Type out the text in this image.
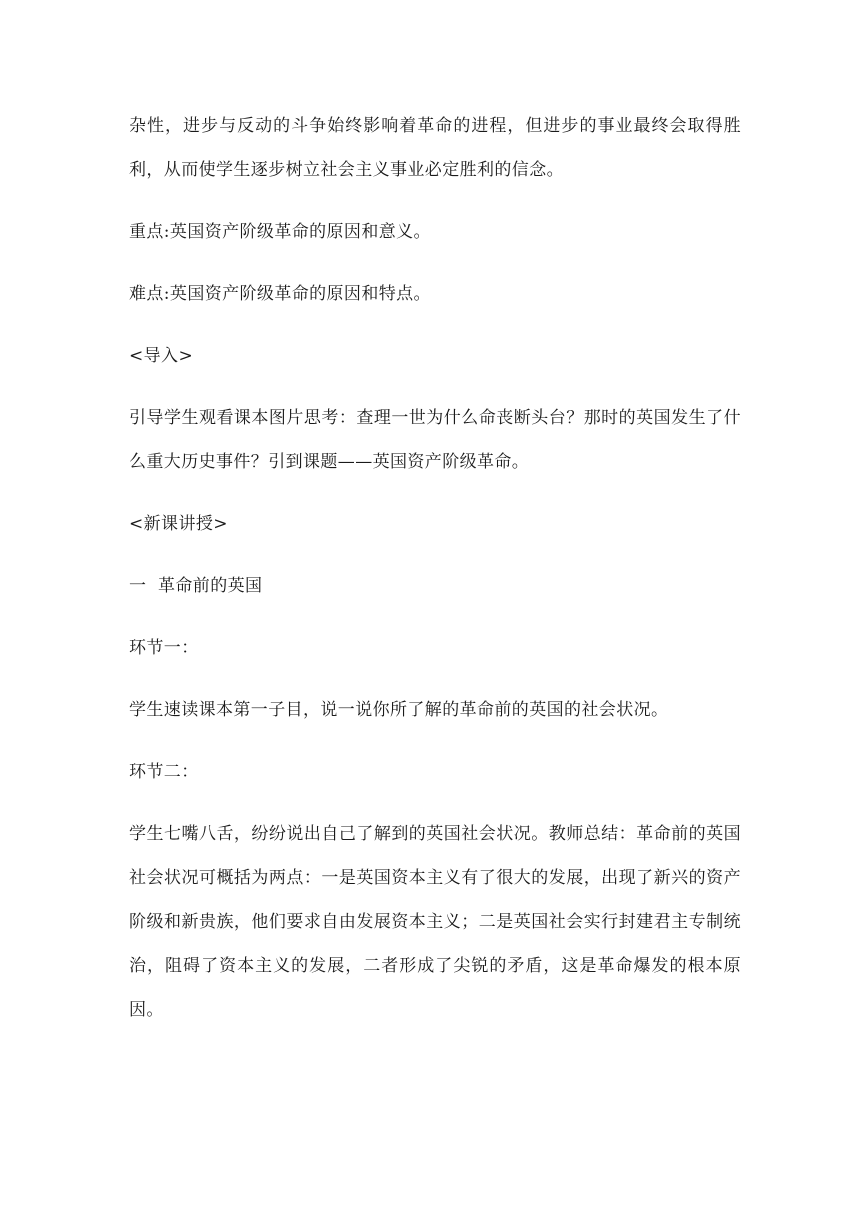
杂性，进步与反动的斗争始终影响着革命的进程，但进步的事业最终会取得胜利，从而使学生逐步树立社会主义事业必定胜利的信念。

重点:英国资产阶级革命的原因和意义。

难点:英国资产阶级革命的原因和特点。

<导入>

引导学生观看课本图片思考：查理一世为什么命丧断头台？那时的英国发生了什么重大历史事件？引到课题——英国资产阶级革命。

<新课讲授>

一  革命前的英国

环节一：

学生速读课本第一子目，说一说你所了解的革命前的英国的社会状况。

环节二：

学生七嘴八舌，纷纷说出自己了解到的英国社会状况。教师总结：革命前的英国社会状况可概括为两点：一是英国资本主义有了很大的发展，出现了新兴的资产阶级和新贵族，他们要求自由发展资本主义；二是英国社会实行封建君主专制统治，阻碍了资本主义的发展，二者形成了尖锐的矛盾，这是革命爆发的根本原因。
